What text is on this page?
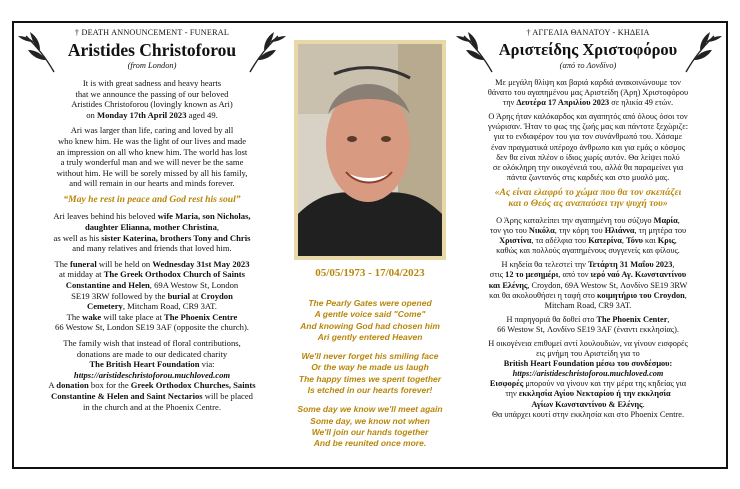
† DEATH ANNOUNCEMENT - FUNERAL
Aristides Christoforou
(from London)
It is with great sadness and heavy hearts
that we announce the passing of our beloved
Aristides Christoforou (lovingly known as Ari)
on Monday 17th April 2023 aged 49.
Ari was larger than life, caring and loved by all
who knew him. He was the light of our lives and made
an impression on all who knew him. The world has lost
a truly wonderful man and we will never be the same
without him. He will be sorely missed by all his family,
and will remain in our hearts and minds forever.
“May he rest in peace and God rest his soul”
Ari leaves behind his beloved wife Maria, son Nicholas,
daughter Elianna, mother Christina,
as well as his sister Katerina, brothers Tony and Chris
and many relatives and friends that loved him.
The funeral will be held on Wednesday 31st May 2023
at midday at The Greek Orthodox Church of Saints
Constantine and Helen, 69A Westow St, London
SE19 3RW followed by the burial at Croydon
Cemetery, Mitcham Road, CR9 3AT.
The wake will take place at The Phoenix Centre
66 Westow St, London SE19 3AF (opposite the church).
The family wish that instead of floral contributions,
donations are made to our dedicated charity
The British Heart Foundation via:
https://aristideschristoforou.muchloved.com
A donation box for the Greek Orthodox Churches, Saints
Constantine & Helen and Saint Nectarios will be placed
in the church and at the Phoenix Centre.
05/05/1973 - 17/04/2023
The Pearly Gates were opened
A gentle voice said "Come"
And knowing God had chosen him
Ari gently entered Heaven
We'll never forget his smiling face
Or the way he made us laugh
The happy times we spent together
Is etched in our hearts forever!
Some day we know we'll meet again
Some day, we know not when
We'll join our hands together
And be reunited once more.
† ΑΓΓΕΛΙΑ ΘΑΝΑΤΟΥ - ΚΗΔΕΙΑ
Αριστείδης Χριστοφόρου
(από το Λονδίνο)
Με μεγάλη θλίψη και βαριά καρδιά ανακοινώνουμε τον
θάνατο του αγαπημένου μας Αριστείδη (Άρη) Χριστοφόρου
την Δευτέρα 17 Απριλίου 2023 σε ηλικία 49 ετών.
Ο Άρης ήταν καλόκαρδος και αγαπητός από όλους όσοι τον
γνώρισαν. Ήταν το φως της ζωής μας και πάντοτε ξεχώριζε:
για το ενδιαφέρον του για τον συνάνθρωπό του. Χάσαμε
έναν πραγματικά υπέροχο άνθρωπο και για εμάς ο κόσμος
δεν θα είναι πλέον ο ίδιος χωρίς αυτόν. Θα λείψει πολύ
σε ολόκληρη την οικογένειά του, αλλά θα παραμείνει για
πάντα ζωντανός στις καρδιές και στο μυαλό μας.
«Ας είναι ελαφρύ το χώμα που θα τον σκεπάζει
και ο Θεός ας αναπαύσει την ψυχή του»
Ο Άρης καταλείπει την αγαπημένη του σύζυγο Μαρία,
τον γιο του Νικόλα, την κόρη του Ηλιάννα, τη μητέρα του
Χριστίνα, τα αδέλφια του Κατερίνα, Τόνυ και Κρις,
καθώς και πολλούς αγαπημένους συγγενείς και φίλους.
Η κηδεία θα τελεστεί την Τετάρτη 31 Μαΐου 2023,
στις 12 το μεσημέρι, από τον ιερό ναό Αγ. Κωνσταντίνου
και Ελένης, Croydon, 69A Westow St, Λονδίνο SE19 3RW
και θα ακολουθήσει η ταφή στο κοιμητήριο του Croydon,
Mitcham Road, CR9 3AT.
Η παρηγοριά θα δοθεί στο The Phoenix Center,
66 Westow St, Λονδίνο SE19 3AF (έναντι εκκλησίας).
Η οικογένεια επιθυμεί αντί λουλουδιών, να γίνουν εισφορές
εις μνήμη του Αριστείδη για το
British Heart Foundation μέσω του συνδέσμου:
https://aristideschristoforou.muchloved.com
Εισφορές μπορούν να γίνουν και την μέρα της κηδείας για
την εκκλησία Αγίου Νεκταρίου ή την εκκλησία
Αγίων Κωνσταντίνου & Ελένης.
Θα υπάρχει κουτί στην εκκλησία και στο Phoenix Centre.
